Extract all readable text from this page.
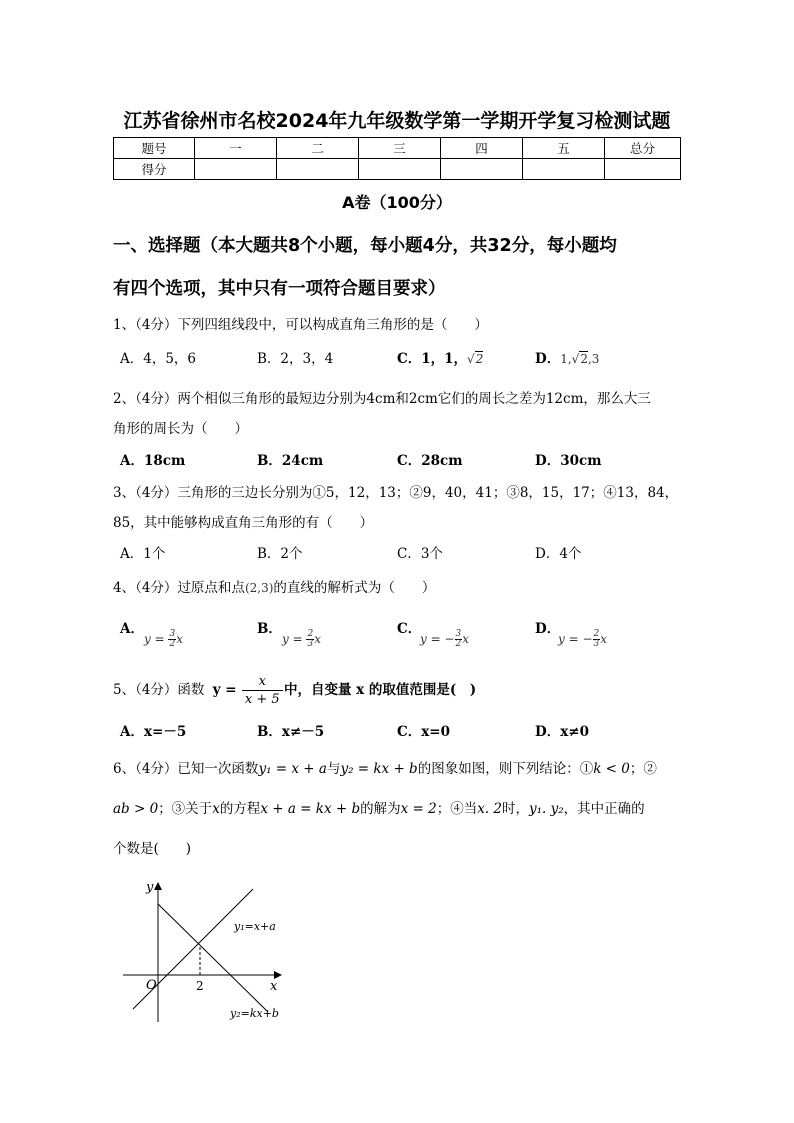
江苏省徐州市名校2024年九年级数学第一学期开学复习检测试题
题号	一	二	三	四	五	总分
得分						
A卷（100分）
一、选择题（本大题共8个小题，每小题4分，共32分，每小题均
有四个选项，其中只有一项符合题目要求）
1、（4分）下列四组线段中，可以构成直角三角形的是（　　）
A．4，5，6	B．2，3，4	C．1，1，√2	D．1,√2,3
2、（4分）两个相似三角形的最短边分别为4cm和2cm它们的周长之差为12cm，那么大三
角形的周长为（　　）
A．18cm	B．24cm	C．28cm	D．30cm
3、（4分）三角形的三边长分别为①5，12，13；②9，40，41；③8，15，17；④13，84，
85，其中能够构成直角三角形的有（　　）
A．1个	B．2个	C．3个	D．4个
4、（4分）过原点和点(2,3)的直线的解析式为（　　）
A．
$y = \frac{3}{2}$ x
B．
$y = \frac{2}{3}$ x
C．
y = − $\frac{3}{2}$ x
D．
y = − $\frac{2}{3}$ x
5、（4分）函数 $y = \frac{x}{x + 5}$ 中，自变量 x 的取值范围是(　)
A．x=－5	B．x≠－5	C．x=0	D．x≠0
6、（4分）已知一次函数y₁ = x + a与y₂ = kx + b的图象如图，则下列结论：①k < 0；②
ab > 0；③关于x的方程x + a = kx + b的解为x = 2；④当x. 2时，y₁. y₂，其中正确的
个数是(　　)
y
x
O	2
y₁=x+a
y₂=kx+b
